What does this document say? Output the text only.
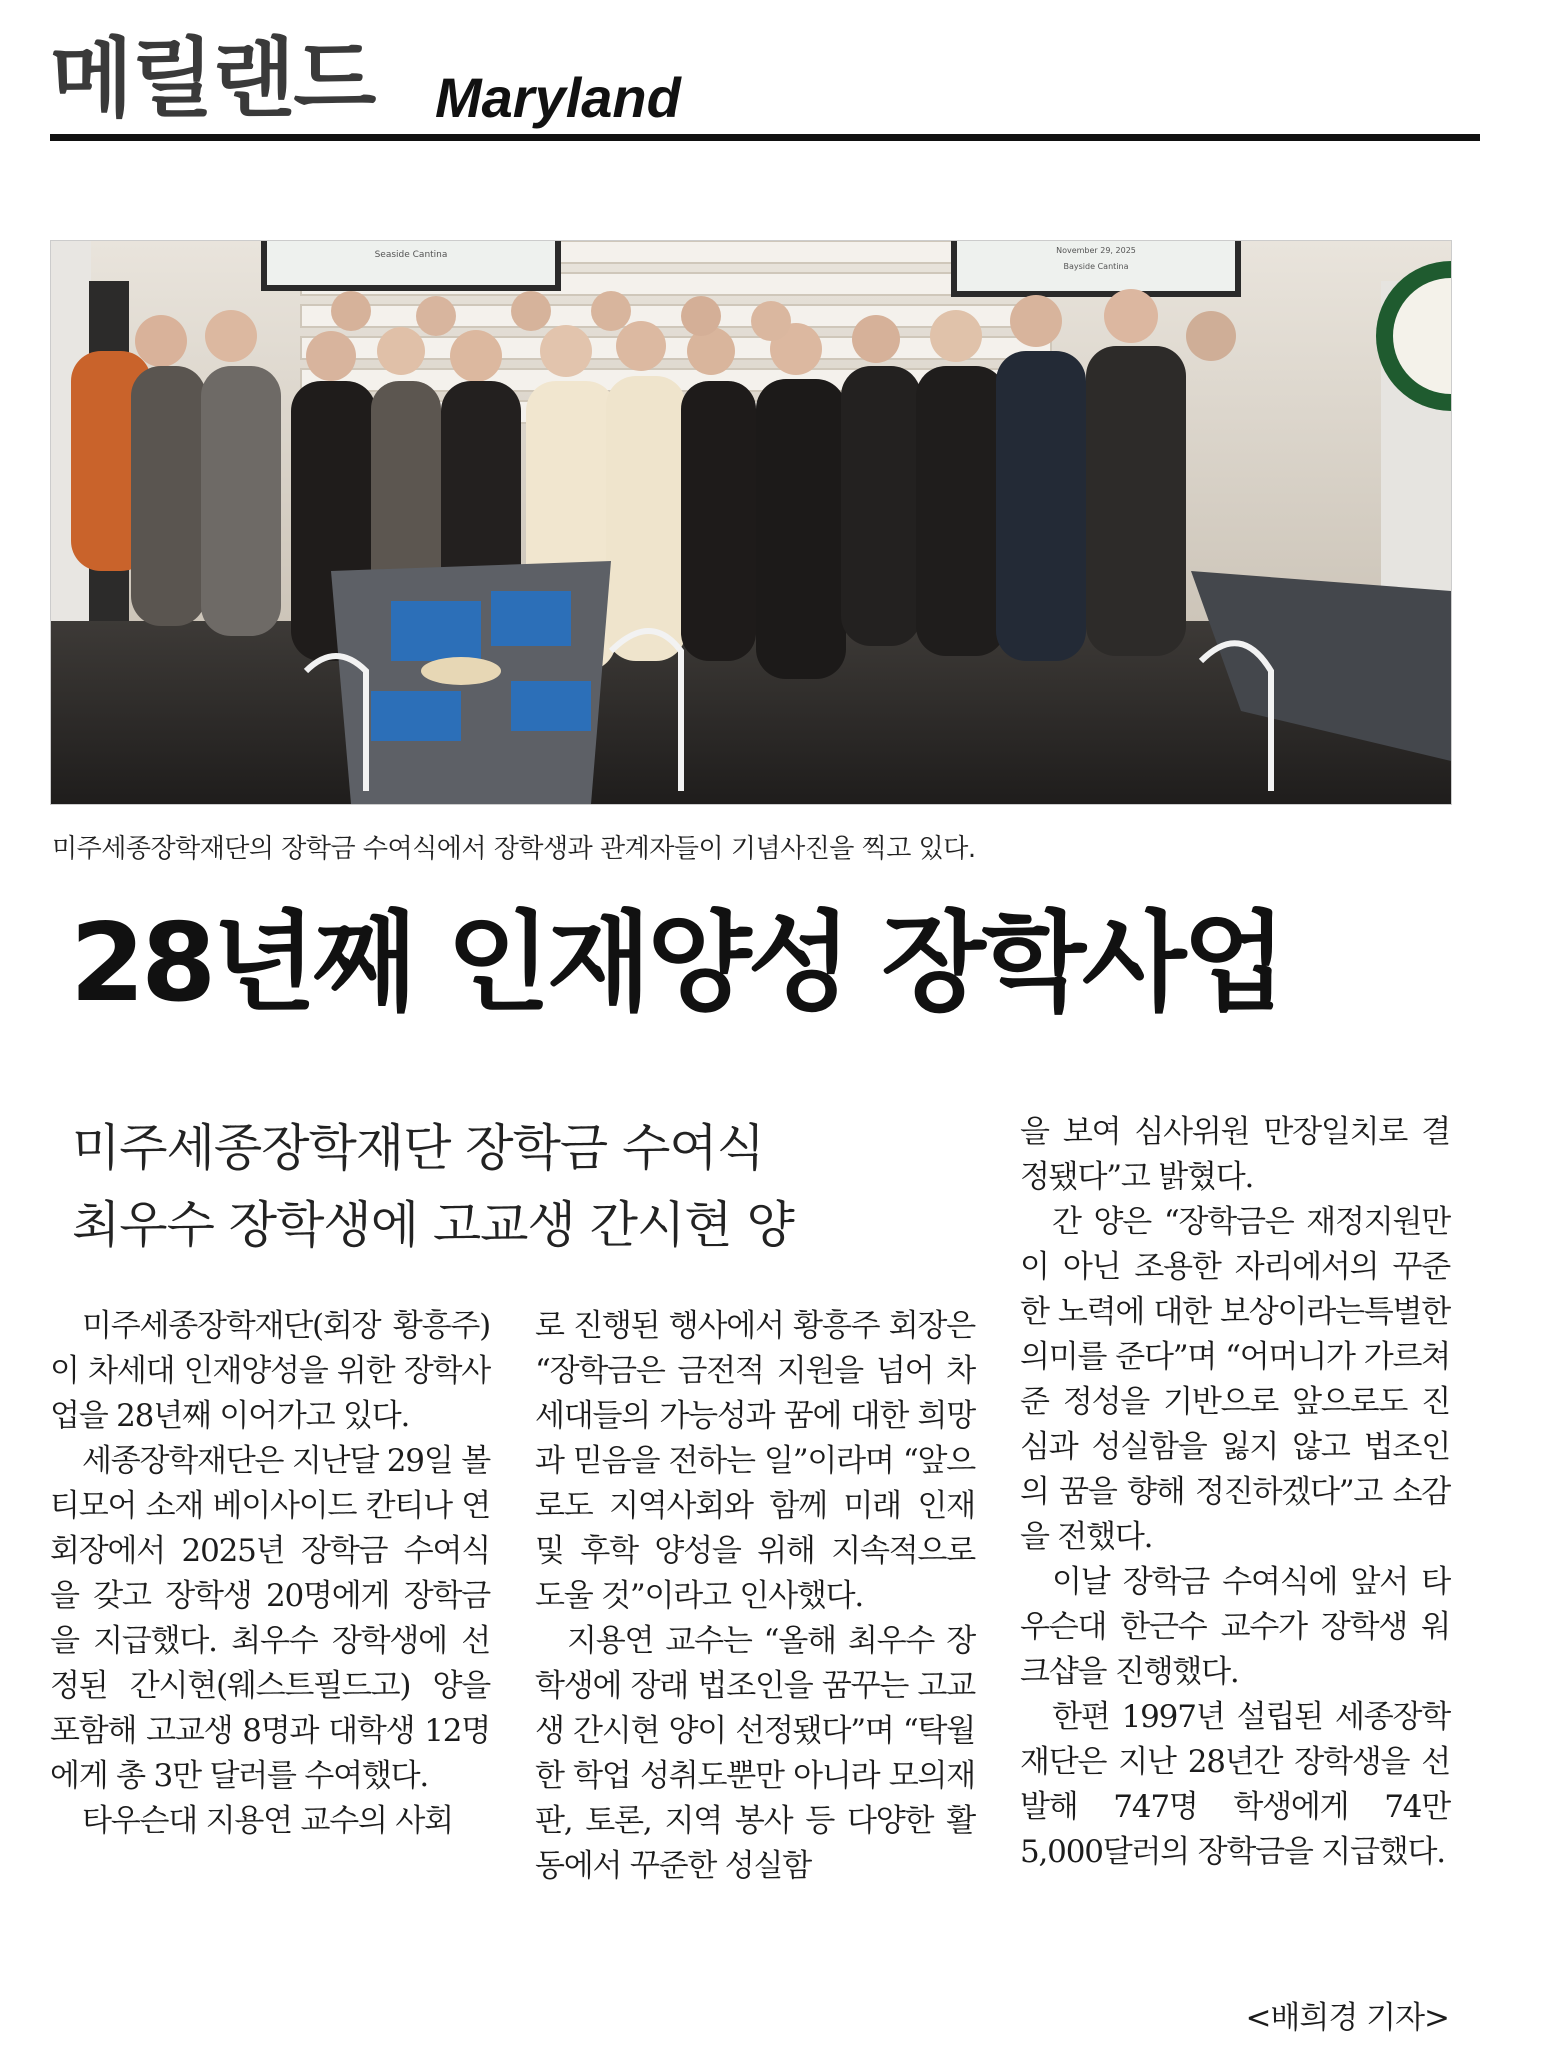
메릴랜드 Maryland
Seaside Cantina	November 29, 2025
Bayside Cantina
미주세종장학재단의 장학금 수여식에서 장학생과 관계자들이 기념사진을 찍고 있다.
28년째 인재양성 장학사업
미주세종장학재단 장학금 수여식
최우수 장학생에 고교생 간시현 양

미주세종장학재단(회장 황흥주)이 차세대 인재양성을 위한 장학사업을 28년째 이어가고 있다.

세종장학재단은 지난달 29일 볼티모어 소재 베이사이드 칸티나 연회장에서 2025년 장학금 수여식을 갖고 장학생 20명에게 장학금을 지급했다. 최우수 장학생에 선정된 간시현(웨스트필드고) 양을 포함해 고교생 8명과 대학생 12명에게 총 3만 달러를 수여했다.

타우슨대 지용연 교수의 사회

로 진행된 행사에서 황흥주 회장은 “장학금은 금전적 지원을 넘어 차세대들의 가능성과 꿈에 대한 희망과 믿음을 전하는 일”이라며 “앞으로도 지역사회와 함께 미래 인재 및 후학 양성을 위해 지속적으로 도울 것”이라고 인사했다.

지용연 교수는 “올해 최우수 장학생에 장래 법조인을 꿈꾸는 고교생 간시현 양이 선정됐다”며 “탁월한 학업 성취도뿐만 아니라 모의재판, 토론, 지역 봉사 등 다양한 활동에서 꾸준한 성실함

을 보여 심사위원 만장일치로 결정됐다”고 밝혔다.

간 양은 “장학금은 재정지원만이 아닌 조용한 자리에서의 꾸준한 노력에 대한 보상이라는특별한 의미를 준다”며 “어머니가 가르쳐준 정성을 기반으로 앞으로도 진심과 성실함을 잃지 않고 법조인의 꿈을 향해 정진하겠다”고 소감을 전했다.

이날 장학금 수여식에 앞서 타우슨대 한근수 교수가 장학생 워크샵을 진행했다.

한편 1997년 설립된 세종장학재단은 지난 28년간 장학생을 선발해 747명 학생에게 74만 5,000달러의 장학금을 지급했다.

<배희경 기자>
